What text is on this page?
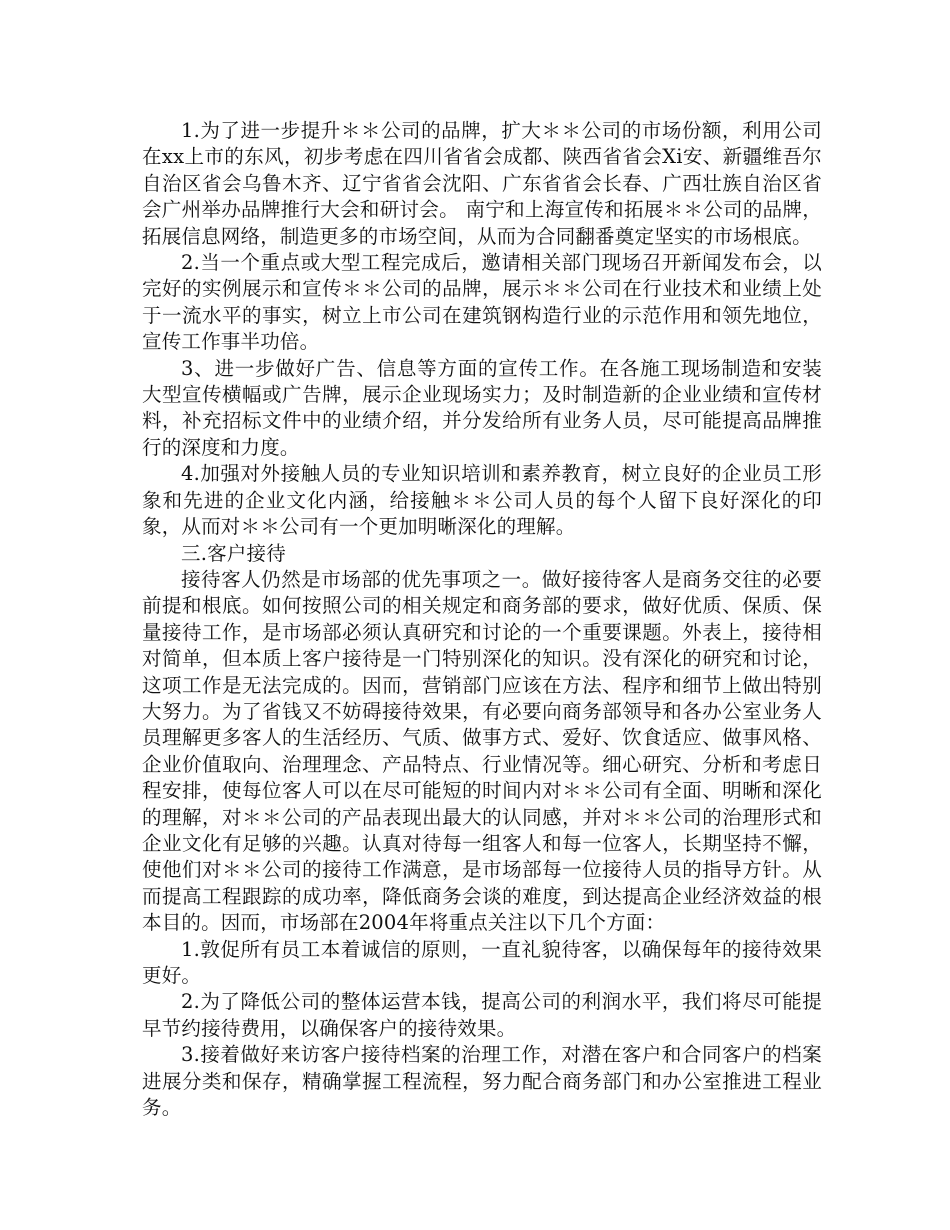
1.为了进一步提升＊＊公司的品牌，扩大＊＊公司的市场份额，利用公司在xx上市的东风，初步考虑在四川省省会成都、陕西省省会Xi安、新疆维吾尔自治区省会乌鲁木齐、辽宁省省会沈阳、广东省省会长春、广西壮族自治区省会广州举办品牌推行大会和研讨会。 南宁和上海宣传和拓展＊＊公司的品牌，拓展信息网络，制造更多的市场空间，从而为合同翻番奠定坚实的市场根底。

2.当一个重点或大型工程完成后，邀请相关部门现场召开新闻发布会，以完好的实例展示和宣传＊＊公司的品牌，展示＊＊公司在行业技术和业绩上处于一流水平的事实，树立上市公司在建筑钢构造行业的示范作用和领先地位，宣传工作事半功倍。

3、进一步做好广告、信息等方面的宣传工作。在各施工现场制造和安装大型宣传横幅或广告牌，展示企业现场实力；及时制造新的企业业绩和宣传材料，补充招标文件中的业绩介绍，并分发给所有业务人员，尽可能提高品牌推行的深度和力度。

4.加强对外接触人员的专业知识培训和素养教育，树立良好的企业员工形象和先进的企业文化内涵，给接触＊＊公司人员的每个人留下良好深化的印象，从而对＊＊公司有一个更加明晰深化的理解。

三.客户接待

接待客人仍然是市场部的优先事项之一。做好接待客人是商务交往的必要前提和根底。如何按照公司的相关规定和商务部的要求，做好优质、保质、保量接待工作，是市场部必须认真研究和讨论的一个重要课题。外表上，接待相对简单，但本质上客户接待是一门特别深化的知识。没有深化的研究和讨论，这项工作是无法完成的。因而，营销部门应该在方法、程序和细节上做出特别大努力。为了省钱又不妨碍接待效果，有必要向商务部领导和各办公室业务人员理解更多客人的生活经历、气质、做事方式、爱好、饮食适应、做事风格、企业价值取向、治理理念、产品特点、行业情况等。细心研究、分析和考虑日程安排，使每位客人可以在尽可能短的时间内对＊＊公司有全面、明晰和深化的理解，对＊＊公司的产品表现出最大的认同感，并对＊＊公司的治理形式和企业文化有足够的兴趣。认真对待每一组客人和每一位客人，长期坚持不懈，使他们对＊＊公司的接待工作满意，是市场部每一位接待人员的指导方针。从而提高工程跟踪的成功率，降低商务会谈的难度，到达提高企业经济效益的根本目的。因而，市场部在2004年将重点关注以下几个方面：

1.敦促所有员工本着诚信的原则，一直礼貌待客，以确保每年的接待效果更好。

2.为了降低公司的整体运营本钱，提高公司的利润水平，我们将尽可能提早节约接待费用，以确保客户的接待效果。

3.接着做好来访客户接待档案的治理工作，对潜在客户和合同客户的档案进展分类和保存，精确掌握工程流程，努力配合商务部门和办公室推进工程业务。
